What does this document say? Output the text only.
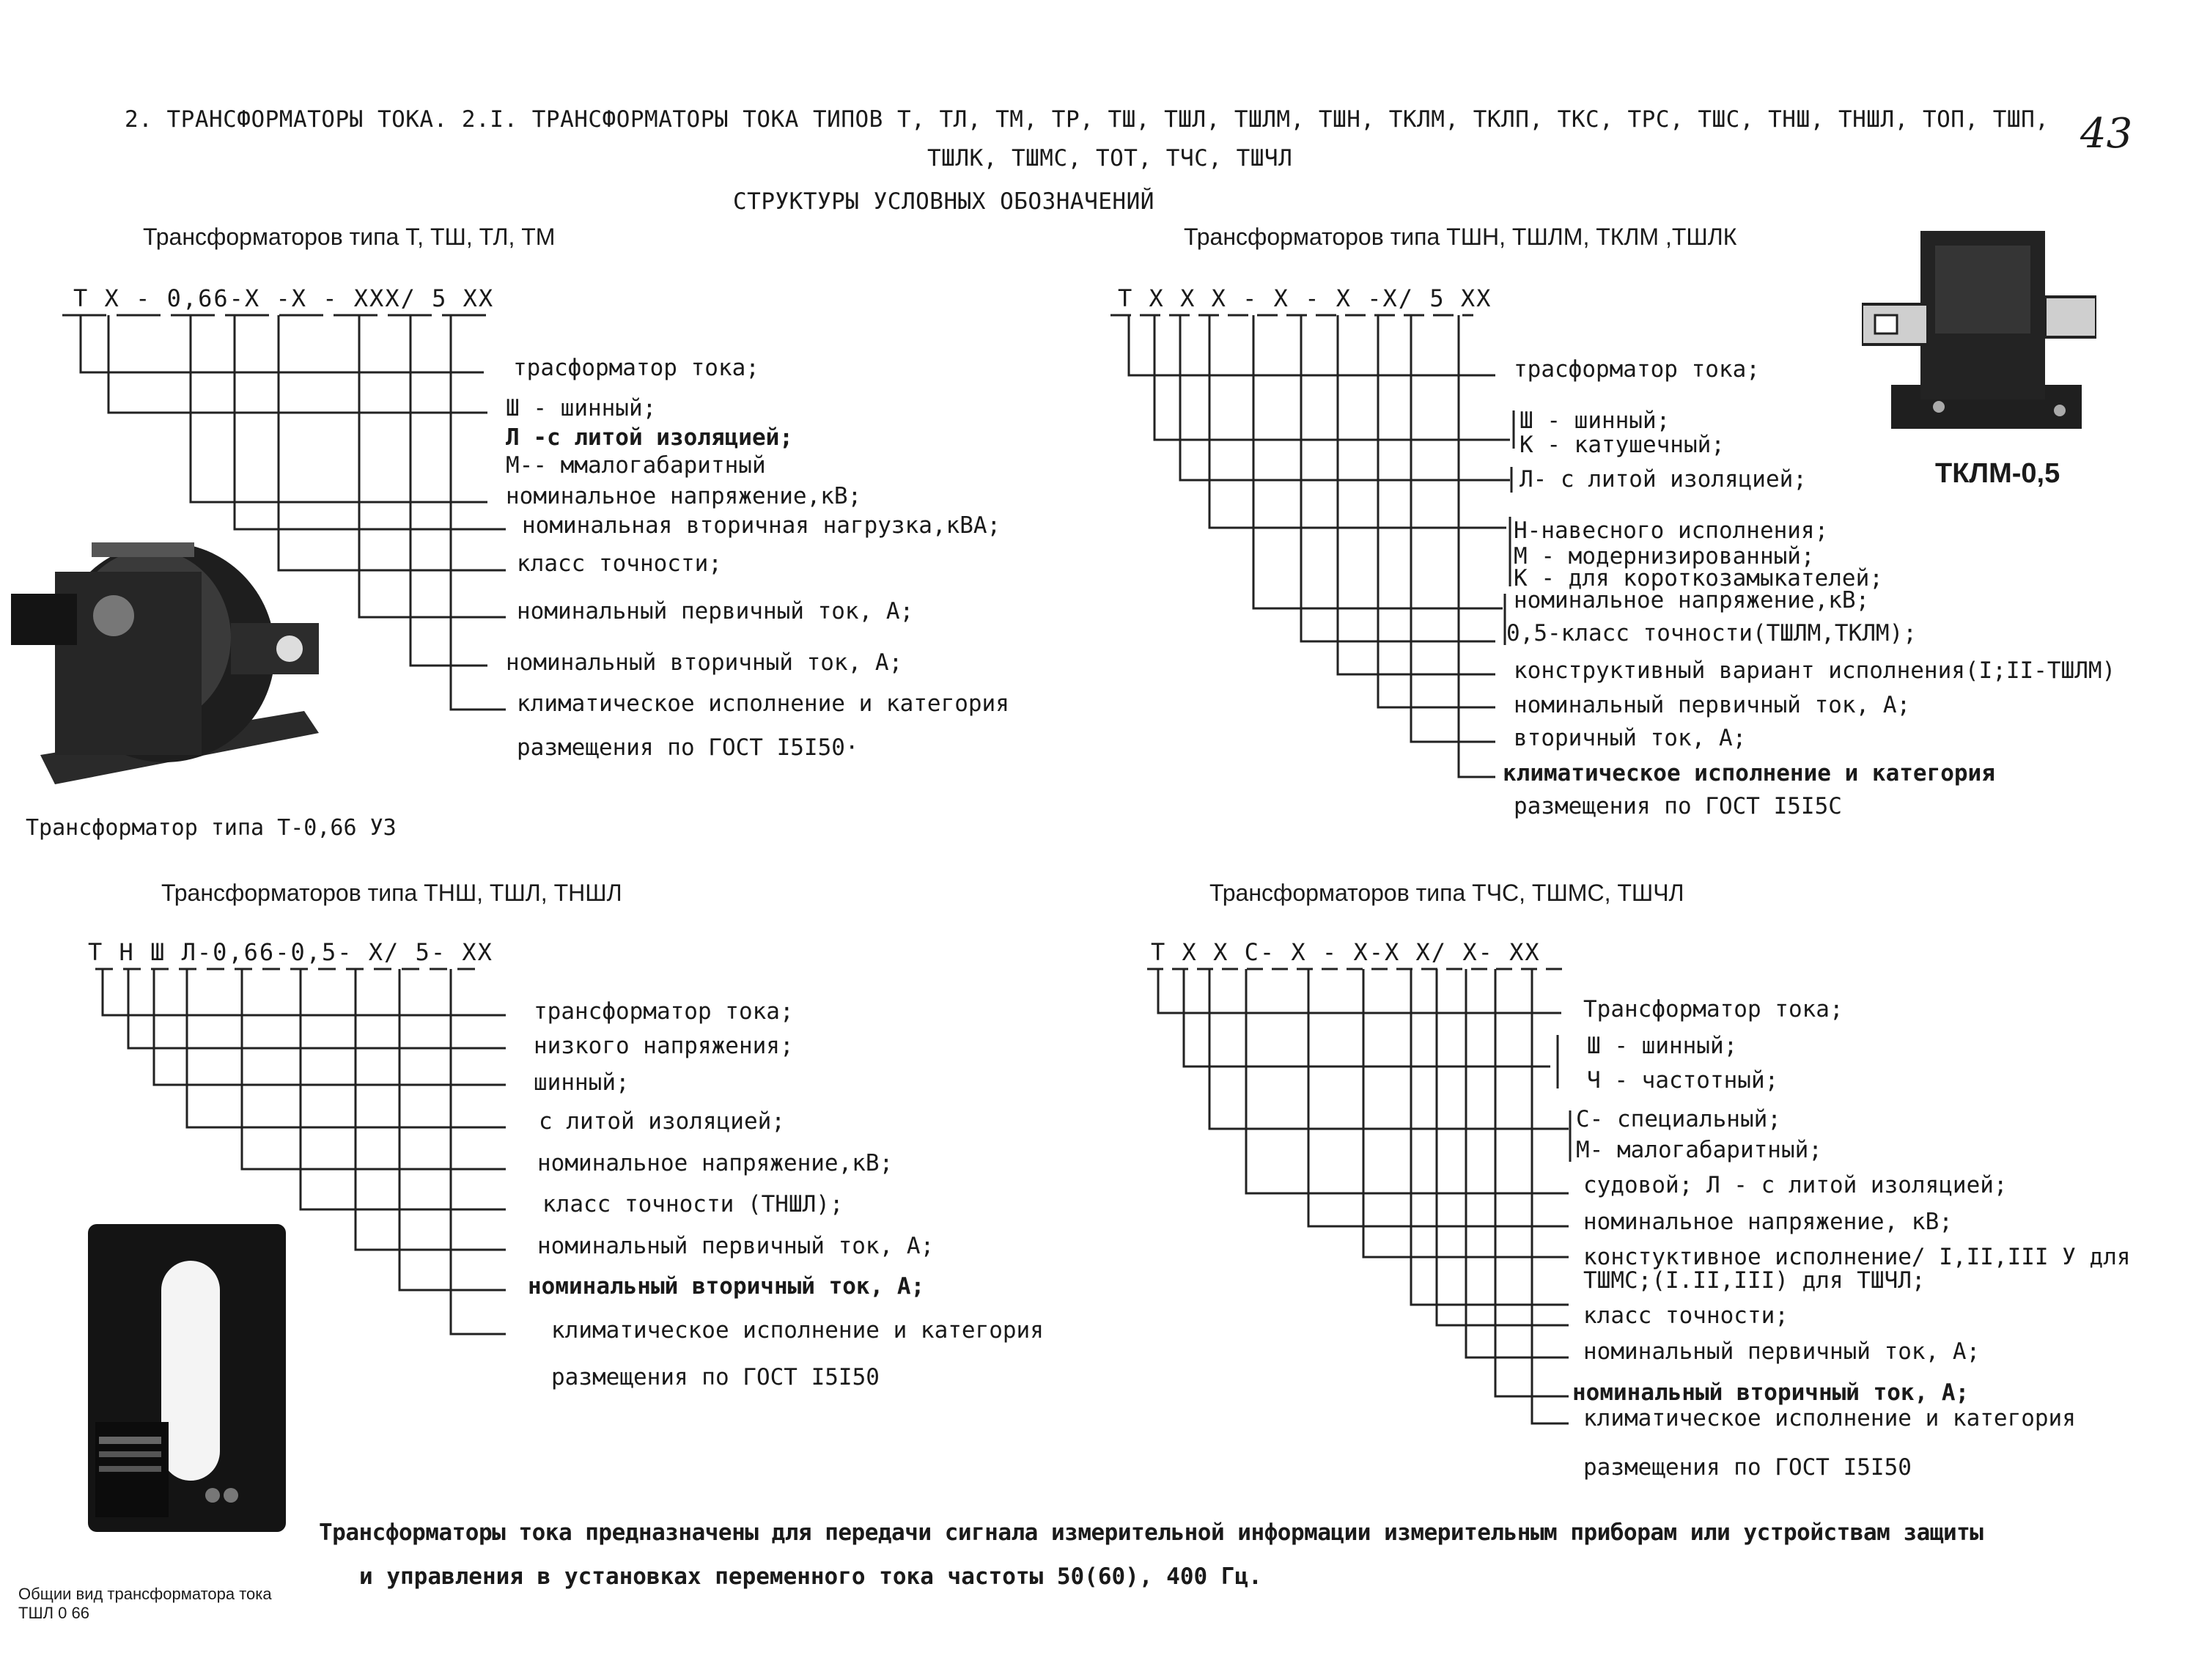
2. ТРАНСФОРМАТОРЫ ТОКА. 2.I. ТРАНСФОРМАТОРЫ ТОКА ТИПОВ Т, ТЛ, ТМ, ТР, ТШ, ТШЛ, ТШЛМ, ТШН, ТКЛМ, ТКЛП, ТКС, ТРС, ТШС, ТНШ, ТНШЛ, ТОП, ТШП,
ТШЛК, ТШМС, ТОТ, ТЧС, ТШЧЛ
СТРУКТУРЫ УСЛОВНЫХ ОБОЗНАЧЕНИЙ
43
Трансформаторов типа Т, ТШ, ТЛ, ТМ
Т Х - 0,66-Х -Х - ХХХ/ 5 ХХ
трасформатор тока;
Ш - шинный;
Л -с литой изоляцией;
М-- ммалогабаритный
номинальное напряжение,кВ;
номинальная вторичная нагрузка,кВА;
класс точности;
номинальный первичный ток, А;
номинальный вторичный ток, А;
климатическое исполнение и категория
размещения по ГОСТ I5I50·
Трансформатор типа Т-0,66 УЗ
Трансформаторов типа ТШН, ТШЛМ, ТКЛМ ,ТШЛК
Т Х Х Х - Х - Х -Х/ 5 ХХ
трасформатор тока;
Ш - шинный;
К - катушечный;
Л- с литой изоляцией;
Н-навесного исполнения;
М - модернизированный;
К - для короткозамыкателей;
номинальное напряжение,кВ;
0,5-класс точности(ТШЛМ,ТКЛМ);
конструктивный вариант исполнения(I;II-ТШЛМ)
номинальный первичный ток, А;
вторичный ток, А;
климатическое исполнение и категория
размещения по ГОСТ I5I5С
ТКЛМ-0,5
Трансформаторов типа ТНШ, ТШЛ, ТНШЛ
Т Н Ш Л-0,66-0,5- Х/ 5- ХХ
трансформатор тока;
низкого напряжения;
шинный;
с литой изоляцией;
номинальное напряжение,кВ;
класс точности (ТНШЛ);
номинальный первичный ток, А;
номинальный вторичный ток, А;
климатическое исполнение и категория
размещения по ГОСТ I5I50
Трансформаторов типа ТЧС, ТШМС, ТШЧЛ
Т Х Х С- Х - Х-Х Х/ Х- ХХ
Трансформатор тока;
Ш - шинный;
Ч - частотный;
С- специальный;
М- малогабаритный;
судовой; Л - с литой изоляцией;
номинальное напряжение, кВ;
констуктивное исполнение/ I,II,III У для
ТШМС;(I.II,III) для ТШЧЛ;
класс точности;
номинальный первичный ток, А;
номинальный вторичный ток, А;
климатическое исполнение и категория
размещения по ГОСТ I5I50
Трансформаторы тока предназначены для передачи сигнала измерительной информации измерительным приборам или устройствам защиты
и управления в установках переменного тока частоты 50(60), 400 Гц.
Общии вид трансформатора тока
ТШЛ 0 66
